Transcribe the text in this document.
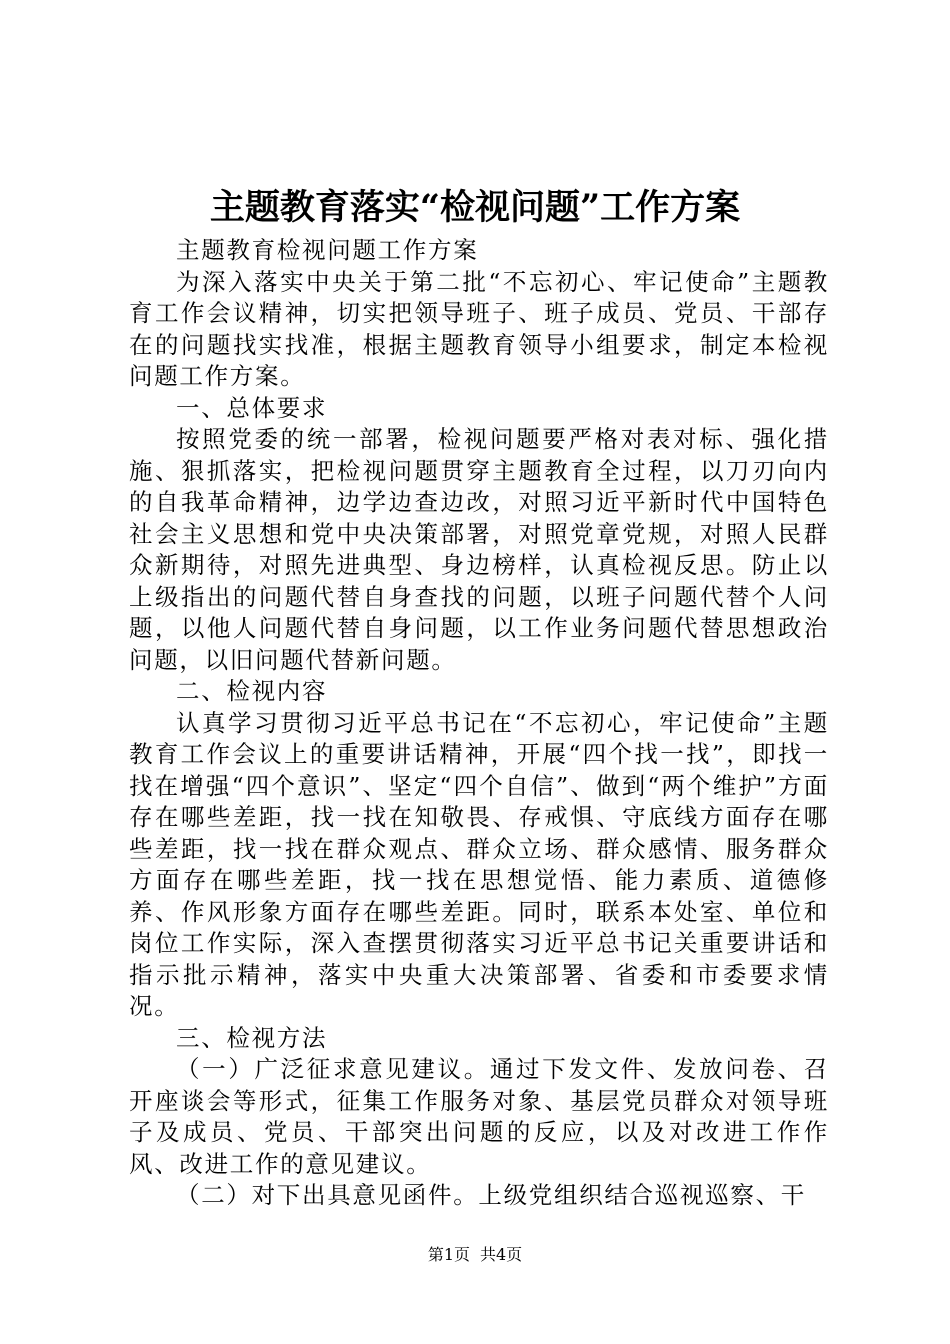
主题教育落实“检视问题”工作方案

主题教育检视问题工作方案

为深入落实中央关于第二批“不忘初心、牢记使命”主题教育工作会议精神，切实把领导班子、班子成员、党员、干部存在的问题找实找准，根据主题教育领导小组要求，制定本检视问题工作方案。

一、总体要求

按照党委的统一部署，检视问题要严格对表对标、强化措施、狠抓落实，把检视问题贯穿主题教育全过程，以刀刃向内的自我革命精神，边学边查边改，对照习近平新时代中国特色社会主义思想和党中央决策部署，对照党章党规，对照人民群众新期待，对照先进典型、身边榜样，认真检视反思。防止以上级指出的问题代替自身查找的问题，以班子问题代替个人问题，以他人问题代替自身问题，以工作业务问题代替思想政治问题，以旧问题代替新问题。

二、检视内容

认真学习贯彻习近平总书记在“不忘初心，牢记使命”主题教育工作会议上的重要讲话精神，开展“四个找一找”，即找一找在增强“四个意识”、坚定“四个自信”、做到“两个维护”方面存在哪些差距，找一找在知敬畏、存戒惧、守底线方面存在哪些差距，找一找在群众观点、群众立场、群众感情、服务群众方面存在哪些差距，找一找在思想觉悟、能力素质、道德修养、作风形象方面存在哪些差距。同时，联系本处室、单位和岗位工作实际，深入查摆贯彻落实习近平总书记关重要讲话和指示批示精神，落实中央重大决策部署、省委和市委要求情况。

三、检视方法

（一）广泛征求意见建议。通过下发文件、发放问卷、召开座谈会等形式，征集工作服务对象、基层党员群众对领导班子及成员、党员、干部突出问题的反应，以及对改进工作作风、改进工作的意见建议。

（二）对下出具意见函件。上级党组织结合巡视巡察、干

第1页 共4页
